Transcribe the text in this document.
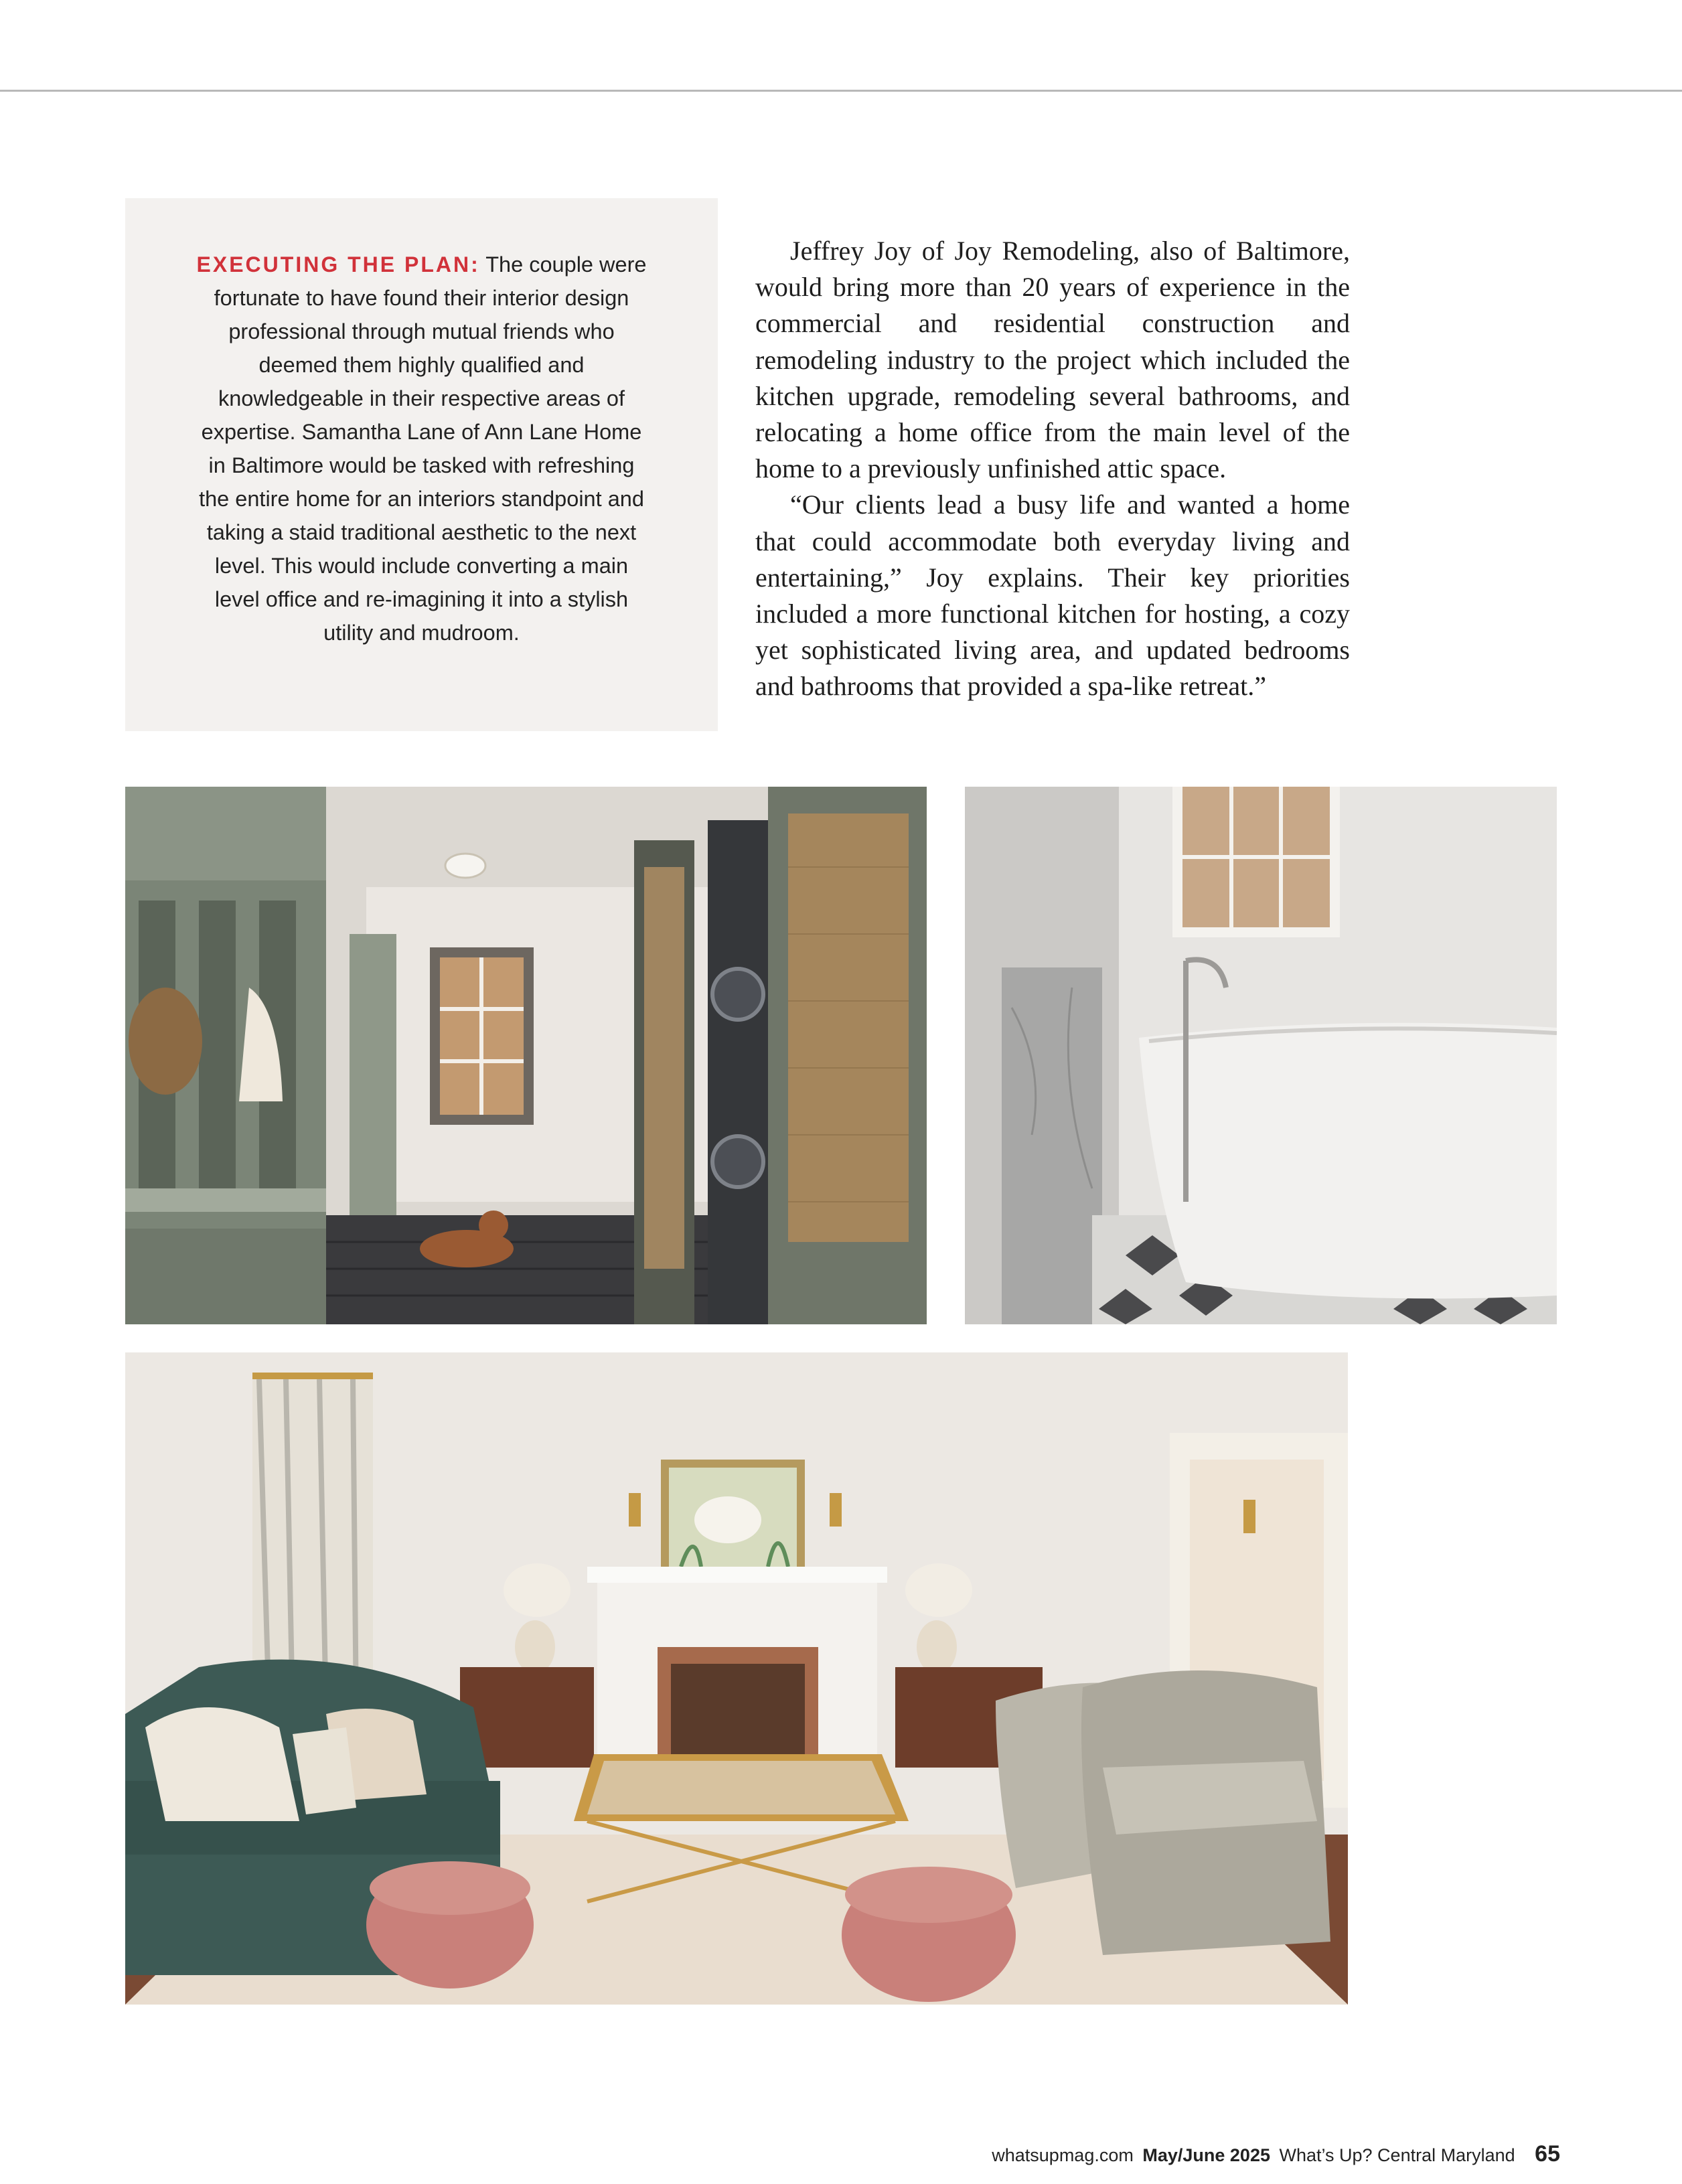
EXECUTING THE PLAN: The couple were fortunate to have found their interior design professional through mutual friends who deemed them highly qualified and knowledgeable in their respective areas of expertise. Samantha Lane of Ann Lane Home in Baltimore would be tasked with refreshing the entire home for an interiors standpoint and taking a staid traditional aesthetic to the next level. This would include converting a main level office and re-imagining it into a stylish utility and mudroom.

Jeffrey Joy of Joy Remodeling, also of Baltimore, would bring more than 20 years of experience in the commercial and residential construction and remodeling industry to the project which included the kitchen upgrade, remodeling several bathrooms, and relocating a home office from the main level of the home to a previously unfinished attic space.

“Our clients lead a busy life and wanted a home that could accommodate both everyday living and entertaining,” Joy explains. Their key priorities included a more functional kitchen for hosting, a cozy yet sophisticated living area, and updated bedrooms and bathrooms that provided a spa-like retreat.”

whatsupmag.com May/June 2025 What’s Up? Central Maryland 65
